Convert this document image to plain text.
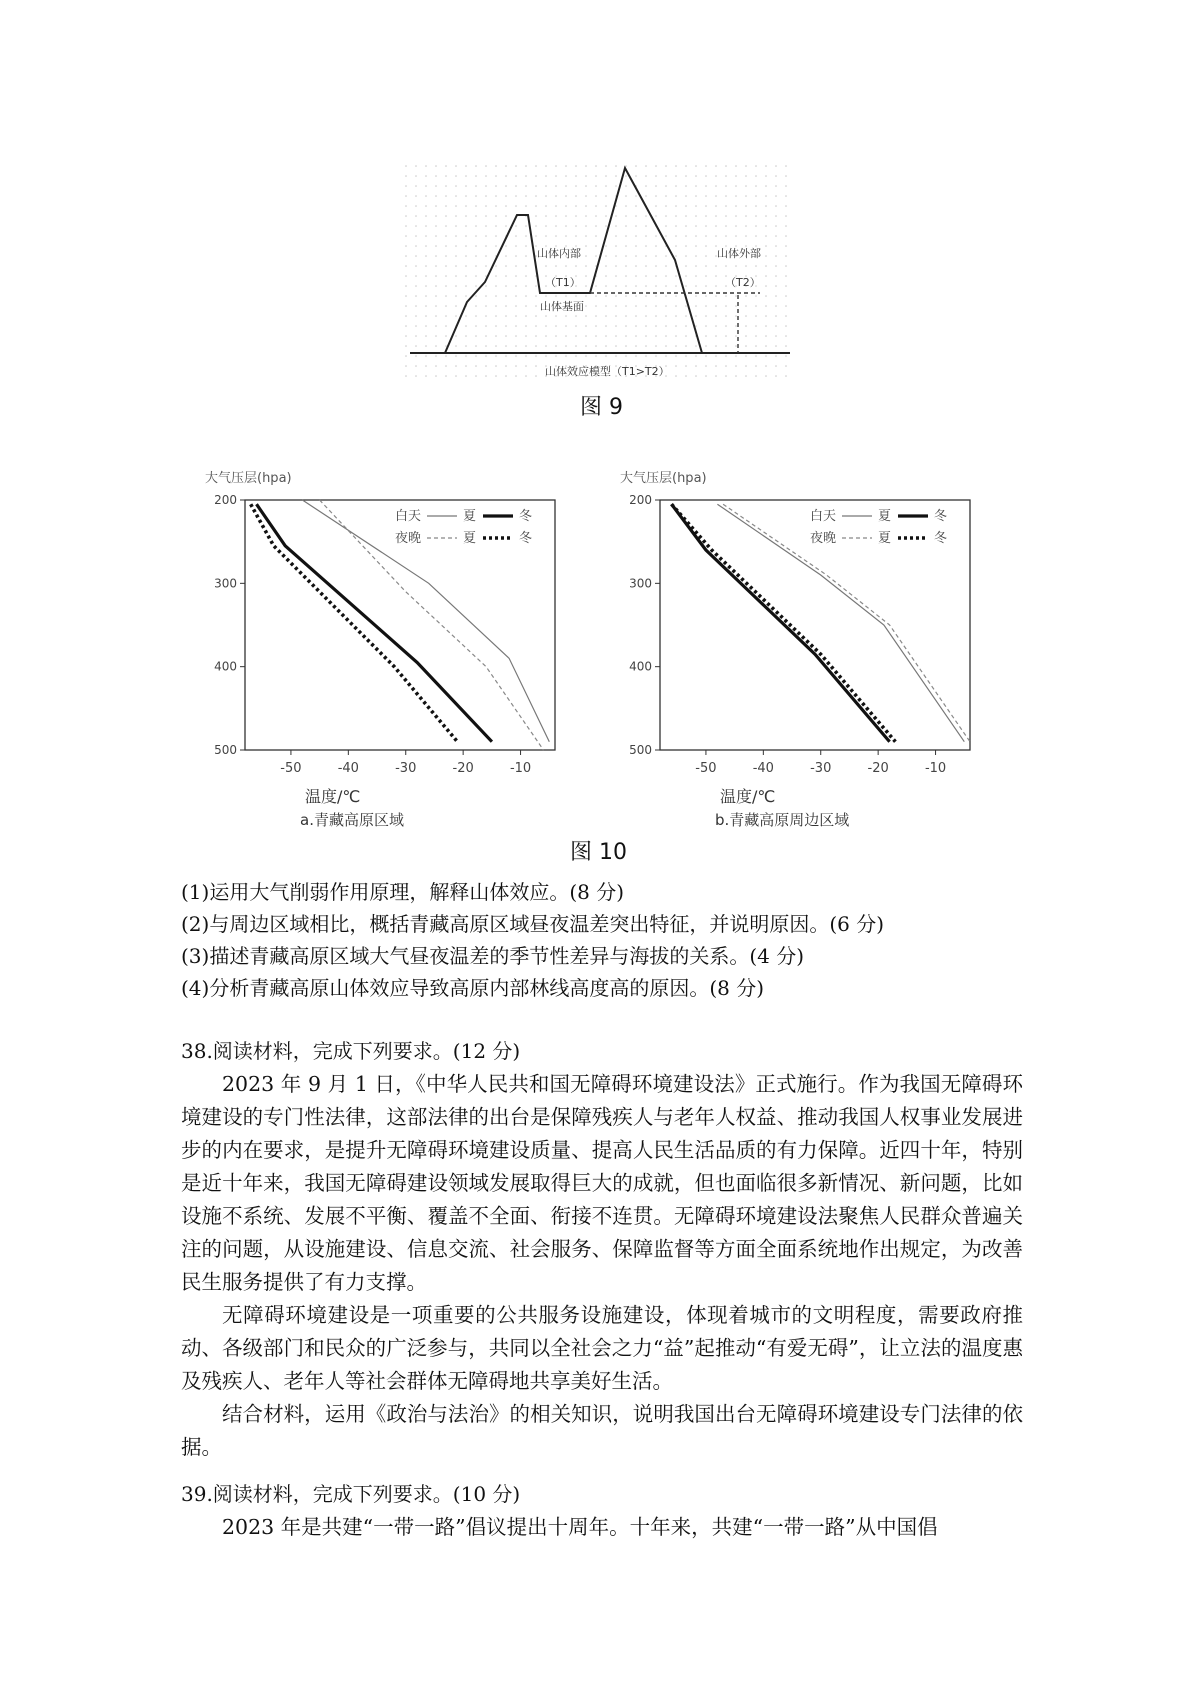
山体内部
（T1）
山体外部
（T2）
山体基面
山体效应模型（T1>T2）
图 9
大气压层(hpa)
200
300
400
500
-50	-40	-30	-20	-10
温度/℃
a.青藏高原区域
白天	夏	冬
夜晚	夏	冬
大气压层(hpa)
200
300
400
500
-50	-40	-30	-20	-10
温度/℃
b.青藏高原周边区域
白天	夏	冬
夜晚	夏	冬
图 10
(1)运用大气削弱作用原理，解释山体效应。(8 分)
(2)与周边区域相比，概括青藏高原区域昼夜温差突出特征，并说明原因。(6 分)
(3)描述青藏高原区域大气昼夜温差的季节性差异与海拔的关系。(4 分)
(4)分析青藏高原山体效应导致高原内部林线高度高的原因。(8 分)
38.阅读材料，完成下列要求。(12 分)

2023 年 9 月 1 日，《中华人民共和国无障碍环境建设法》正式施行。作为我国无障碍环境建设的专门性法律，这部法律的出台是保障残疾人与老年人权益、推动我国人权事业发展进步的内在要求，是提升无障碍环境建设质量、提高人民生活品质的有力保障。近四十年，特别是近十年来，我国无障碍建设领域发展取得巨大的成就，但也面临很多新情况、新问题，比如设施不系统、发展不平衡、覆盖不全面、衔接不连贯。无障碍环境建设法聚焦人民群众普遍关注的问题，从设施建设、信息交流、社会服务、保障监督等方面全面系统地作出规定，为改善民生服务提供了有力支撑。

无障碍环境建设是一项重要的公共服务设施建设，体现着城市的文明程度，需要政府推动、各级部门和民众的广泛参与，共同以全社会之力“益”起推动“有爱无碍”，让立法的温度惠及残疾人、老年人等社会群体无障碍地共享美好生活。

结合材料，运用《政治与法治》的相关知识，说明我国出台无障碍环境建设专门法律的依据。

39.阅读材料，完成下列要求。(10 分)

2023 年是共建“一带一路”倡议提出十周年。十年来，共建“一带一路”从中国倡
